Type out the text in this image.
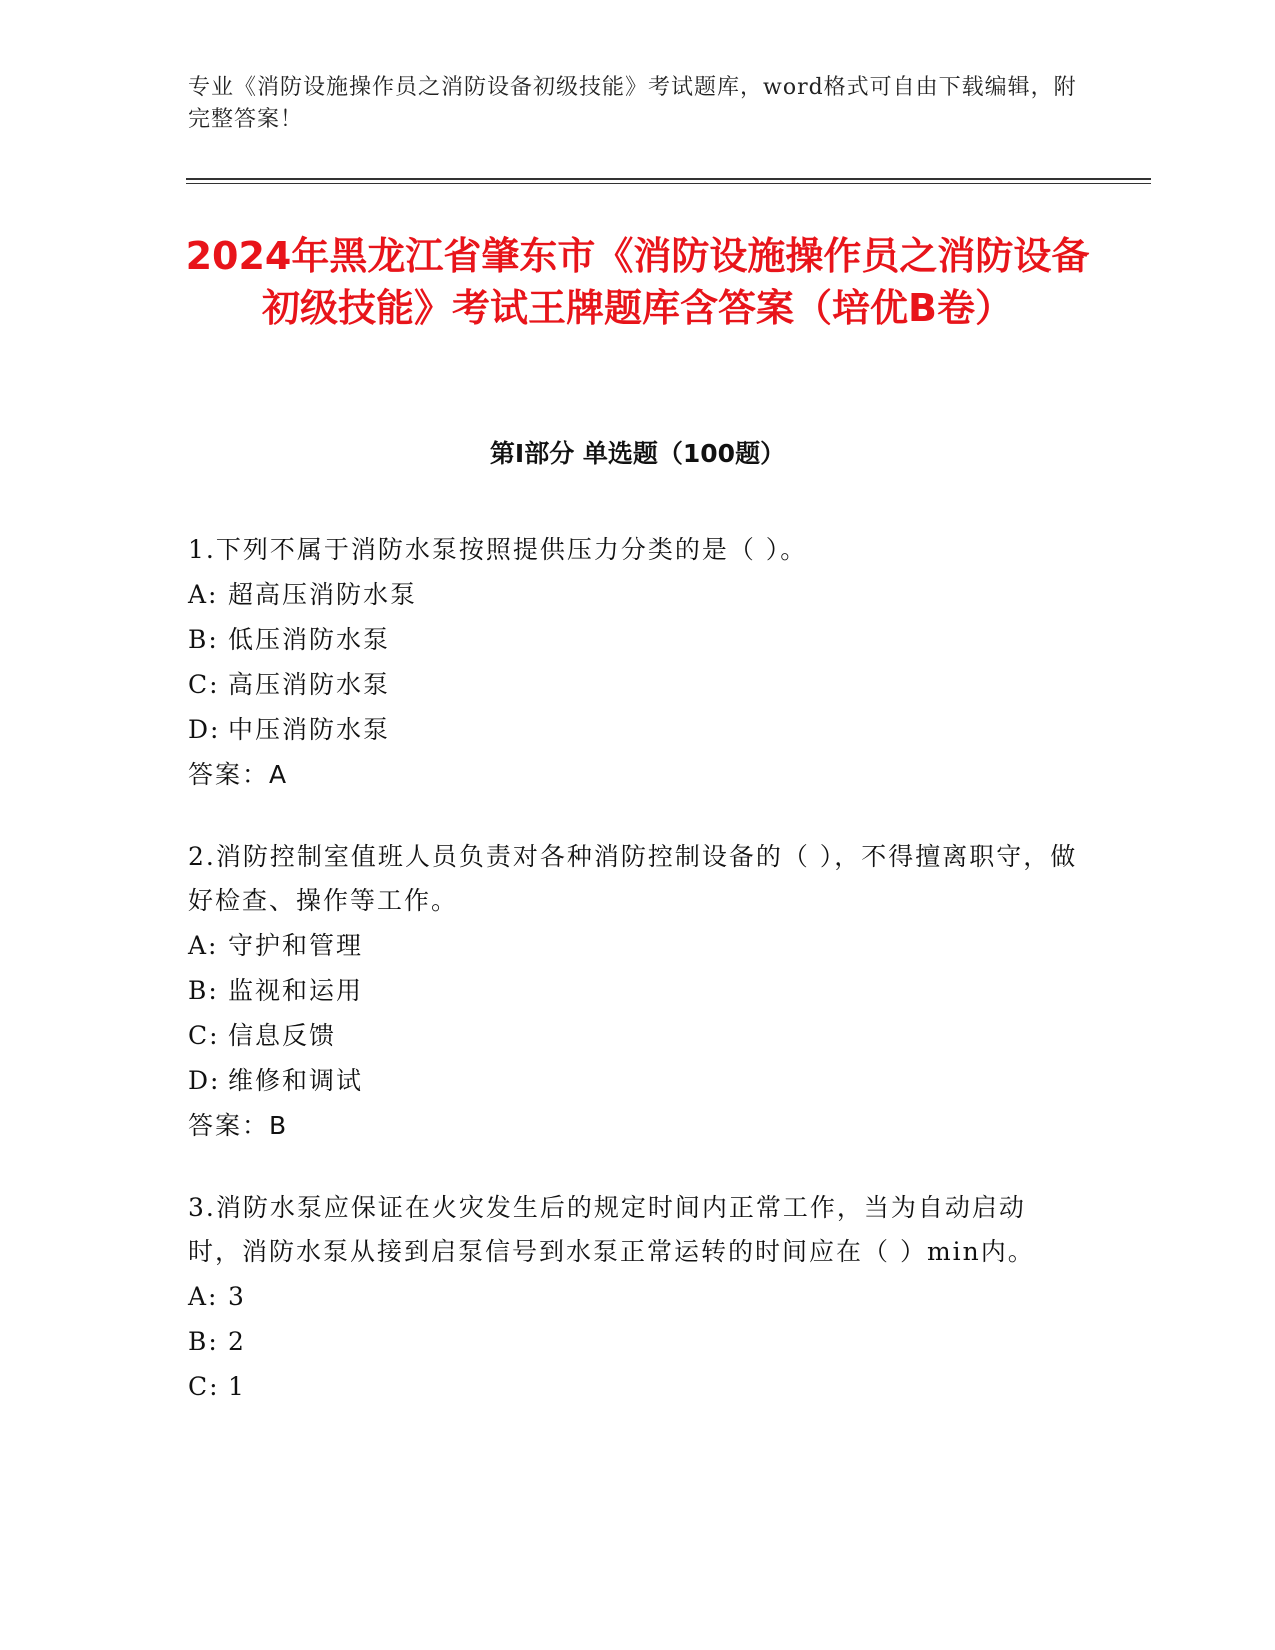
专业《消防设施操作员之消防设备初级技能》考试题库，word格式可自由下载编辑，附完整答案！
2024年黑龙江省肇东市《消防设施操作员之消防设备初级技能》考试王牌题库含答案（培优B卷）
第I部分 单选题（100题）
1.下列不属于消防水泵按照提供压力分类的是（ ）。
A: 超高压消防水泵
B: 低压消防水泵
C: 高压消防水泵
D: 中压消防水泵
答案：A
2.消防控制室值班人员负责对各种消防控制设备的（ ），不得擅离职守，做好检查、操作等工作。
A: 守护和管理
B: 监视和运用
C: 信息反馈
D: 维修和调试
答案：B
3.消防水泵应保证在火灾发生后的规定时间内正常工作，当为自动启动时，消防水泵从接到启泵信号到水泵正常运转的时间应在（ ）min内。
A: 3
B: 2
C: 1
